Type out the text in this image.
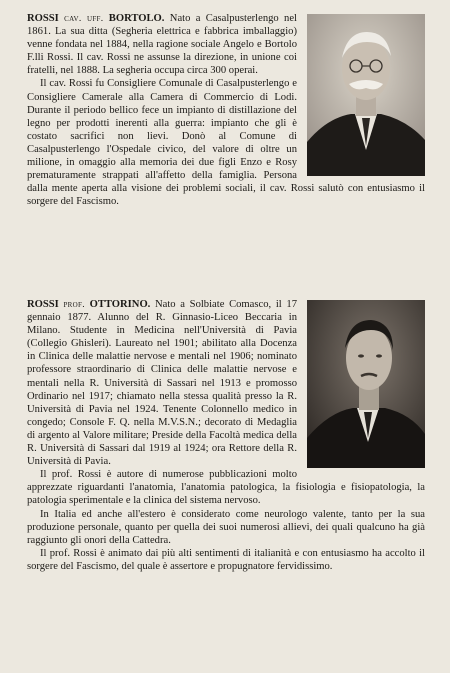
ROSSI cav. uff. BORTOLO. Nato a Casalpusterlengo nel 1861. La sua ditta (Segheria elettrica e fabbrica imballaggio) venne fondata nel 1884, nella ragione sociale Angelo e Bortolo F.lli Rossi. Il cav. Rossi ne assunse la direzione, in unione coi fratelli, nel 1888. La segheria occupa circa 300 operai.

Il cav. Rossi fu Consigliere Comunale di Casalpusterlengo e Consigliere Camerale alla Camera di Commercio di Lodi. Durante il periodo bellico fece un impianto di distillazione del legno per prodotti inerenti alla guerra: impianto che gli è costato sacrifici non lievi. Donò al Comune di Casalpusterlengo l'Ospedale civico, del valore di oltre un milione, in omaggio alla memoria dei due figli Enzo e Rosy prematuramente strappati all'affetto della famiglia. Persona dalla mente aperta alla visione dei problemi sociali, il cav. Rossi salutò con entusiasmo il sorgere del Fascismo.

ROSSI prof. OTTORINO. Nato a Solbiate Comasco, il 17 gennaio 1877. Alunno del R. Ginnasio-Liceo Beccaria in Milano. Studente in Medicina nell'Università di Pavia (Collegio Ghisleri). Laureato nel 1901; abilitato alla Docenza in Clinica delle malattie nervose e mentali nel 1906; nominato professore straordinario di Clinica delle malattie nervose e mentali nella R. Università di Sassari nel 1913 e promosso Ordinario nel 1917; chiamato nella stessa qualità presso la R. Università di Pavia nel 1924. Tenente Colonnello medico in congedo; Console F. Q. nella M.V.S.N.; decorato di Medaglia di argento al Valore militare; Preside della Facoltà medica della R. Università di Sassari dal 1919 al 1924; ora Rettore della R. Università di Pavia.

Il prof. Rossi è autore di numerose pubblicazioni molto apprezzate riguardanti l'anatomia, l'anatomia patologica, la fisiologia e fisiopatologia, la patologia sperimentale e la clinica del sistema nervoso.

In Italia ed anche all'estero è considerato come neurologo valente, tanto per la sua produzione personale, quanto per quella dei suoi numerosi allievi, dei quali qualcuno ha già raggiunto gli onori della Cattedra.

Il prof. Rossi è animato dai più alti sentimenti di italianità e con entusiasmo ha accolto il sorgere del Fascismo, del quale è assertore e propugnatore fervidissimo.
